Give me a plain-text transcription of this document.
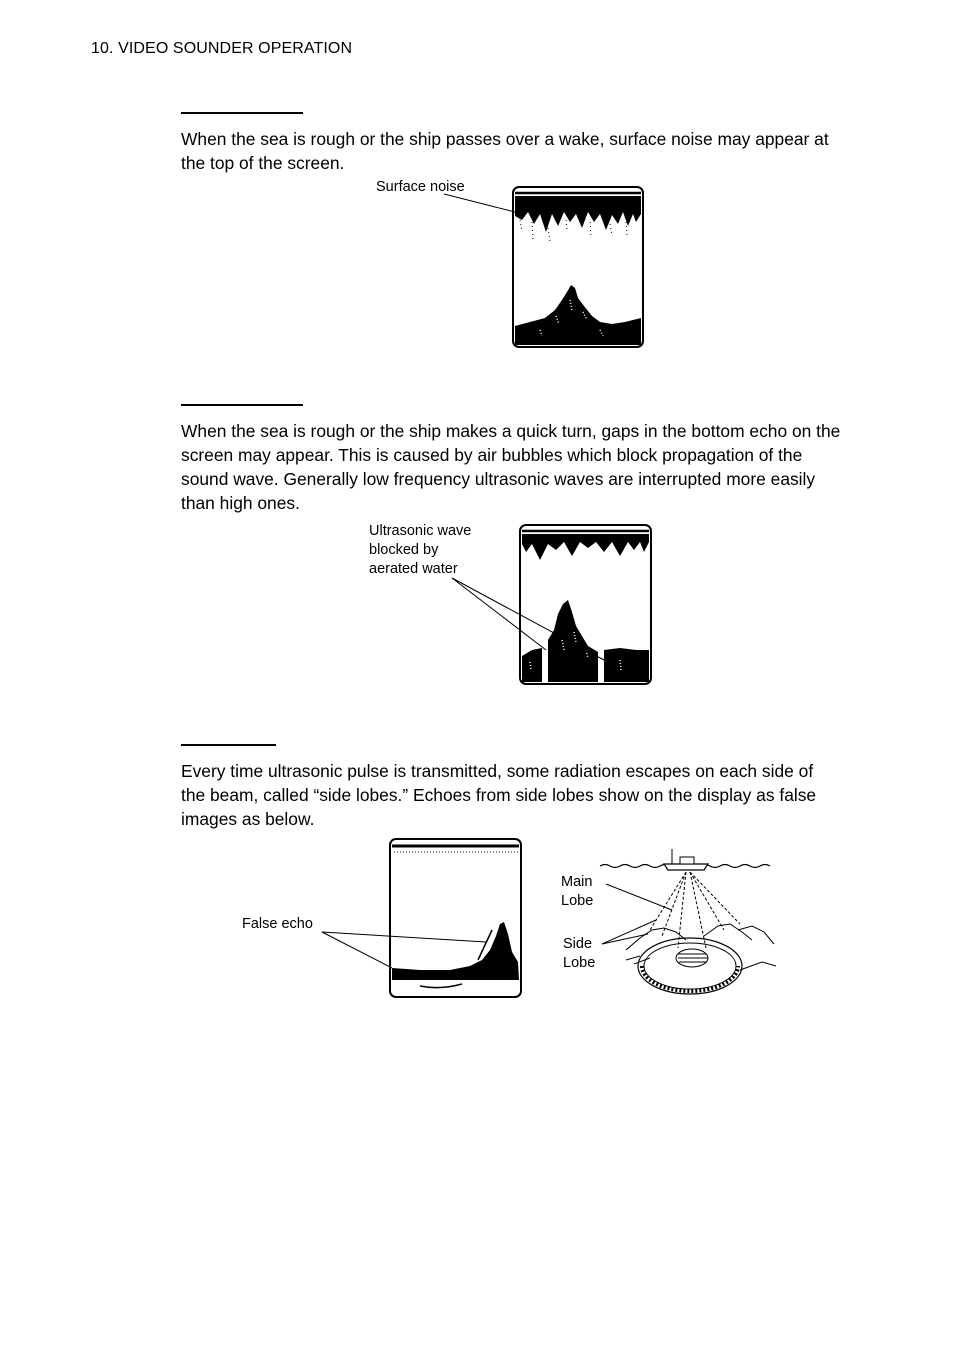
10. VIDEO SOUNDER OPERATION
When the sea is rough or the ship passes over a wake, surface noise may appear at the top of the screen.
Surface noise
When the sea is rough or the ship makes a quick turn, gaps in the bottom echo on the screen may appear. This is caused by air bubbles which block propagation of the sound wave. Generally low frequency ultrasonic waves are interrupted more easily than high ones.
Ultrasonic wave
blocked by
aerated water
Every time ultrasonic pulse is transmitted, some radiation escapes on each side of the beam, called “side lobes.” Echoes from side lobes show on the display as false images as below.
False echo
Main
Lobe
Side
Lobe
